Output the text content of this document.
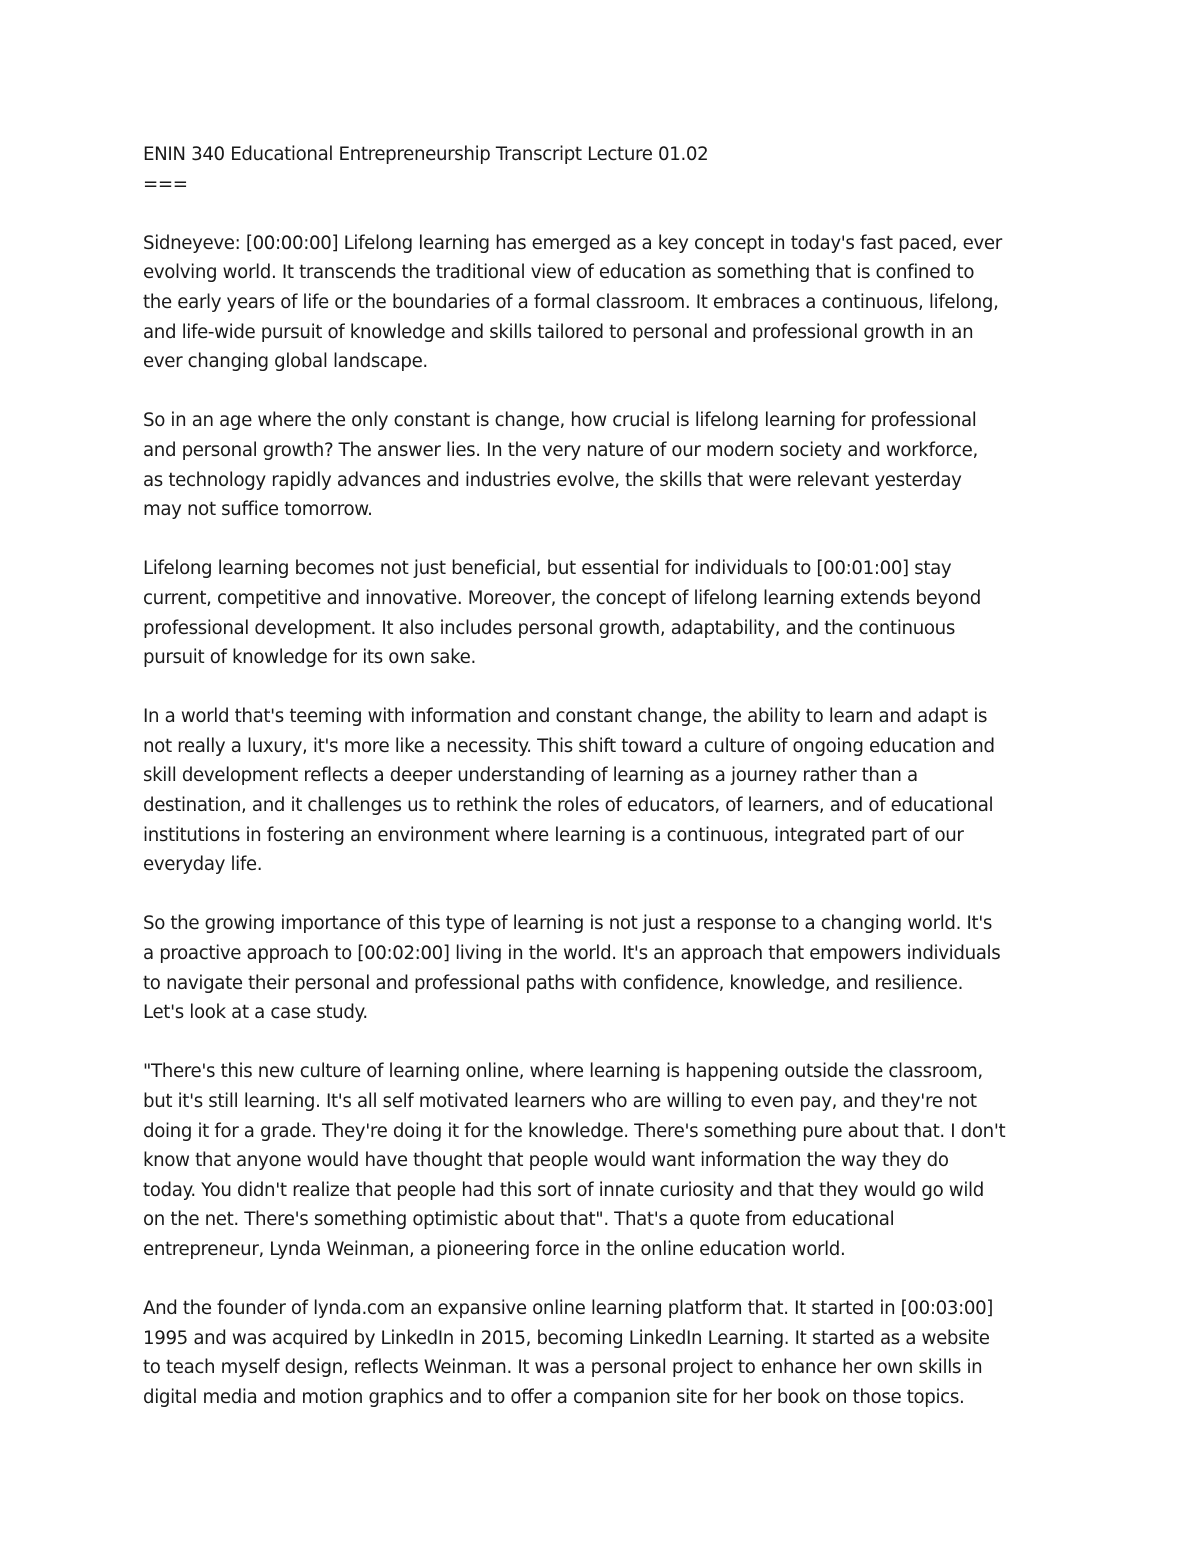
ENIN 340 Educational Entrepreneurship Transcript Lecture 01.02

===

Sidneyeve: [00:00:00] Lifelong learning has emerged as a key concept in today's fast paced, ever
evolving world. It transcends the traditional view of education as something that is confined to
the early years of life or the boundaries of a formal classroom. It embraces a continuous, lifelong,
and life-wide pursuit of knowledge and skills tailored to personal and professional growth in an
ever changing global landscape.

So in an age where the only constant is change, how crucial is lifelong learning for professional
and personal growth? The answer lies. In the very nature of our modern society and workforce,
as technology rapidly advances and industries evolve, the skills that were relevant yesterday
may not suffice tomorrow.

Lifelong learning becomes not just beneficial, but essential for individuals to [00:01:00] stay
current, competitive and innovative. Moreover, the concept of lifelong learning extends beyond
professional development. It also includes personal growth, adaptability, and the continuous
pursuit of knowledge for its own sake.

In a world that's teeming with information and constant change, the ability to learn and adapt is
not really a luxury, it's more like a necessity. This shift toward a culture of ongoing education and
skill development reflects a deeper understanding of learning as a journey rather than a
destination, and it challenges us to rethink the roles of educators, of learners, and of educational
institutions in fostering an environment where learning is a continuous, integrated part of our
everyday life.

So the growing importance of this type of learning is not just a response to a changing world. It's
a proactive approach to [00:02:00] living in the world. It's an approach that empowers individuals
to navigate their personal and professional paths with confidence, knowledge, and resilience.
Let's look at a case study.

"There's this new culture of learning online, where learning is happening outside the classroom,
but it's still learning. It's all self motivated learners who are willing to even pay, and they're not
doing it for a grade. They're doing it for the knowledge. There's something pure about that. I don't
know that anyone would have thought that people would want information the way they do
today. You didn't realize that people had this sort of innate curiosity and that they would go wild
on the net. There's something optimistic about that". That's a quote from educational
entrepreneur, Lynda Weinman, a pioneering force in the online education world.

And the founder of lynda.com an expansive online learning platform that. It started in [00:03:00]
1995 and was acquired by LinkedIn in 2015, becoming LinkedIn Learning. It started as a website
to teach myself design, reflects Weinman. It was a personal project to enhance her own skills in
digital media and motion graphics and to offer a companion site for her book on those topics.
